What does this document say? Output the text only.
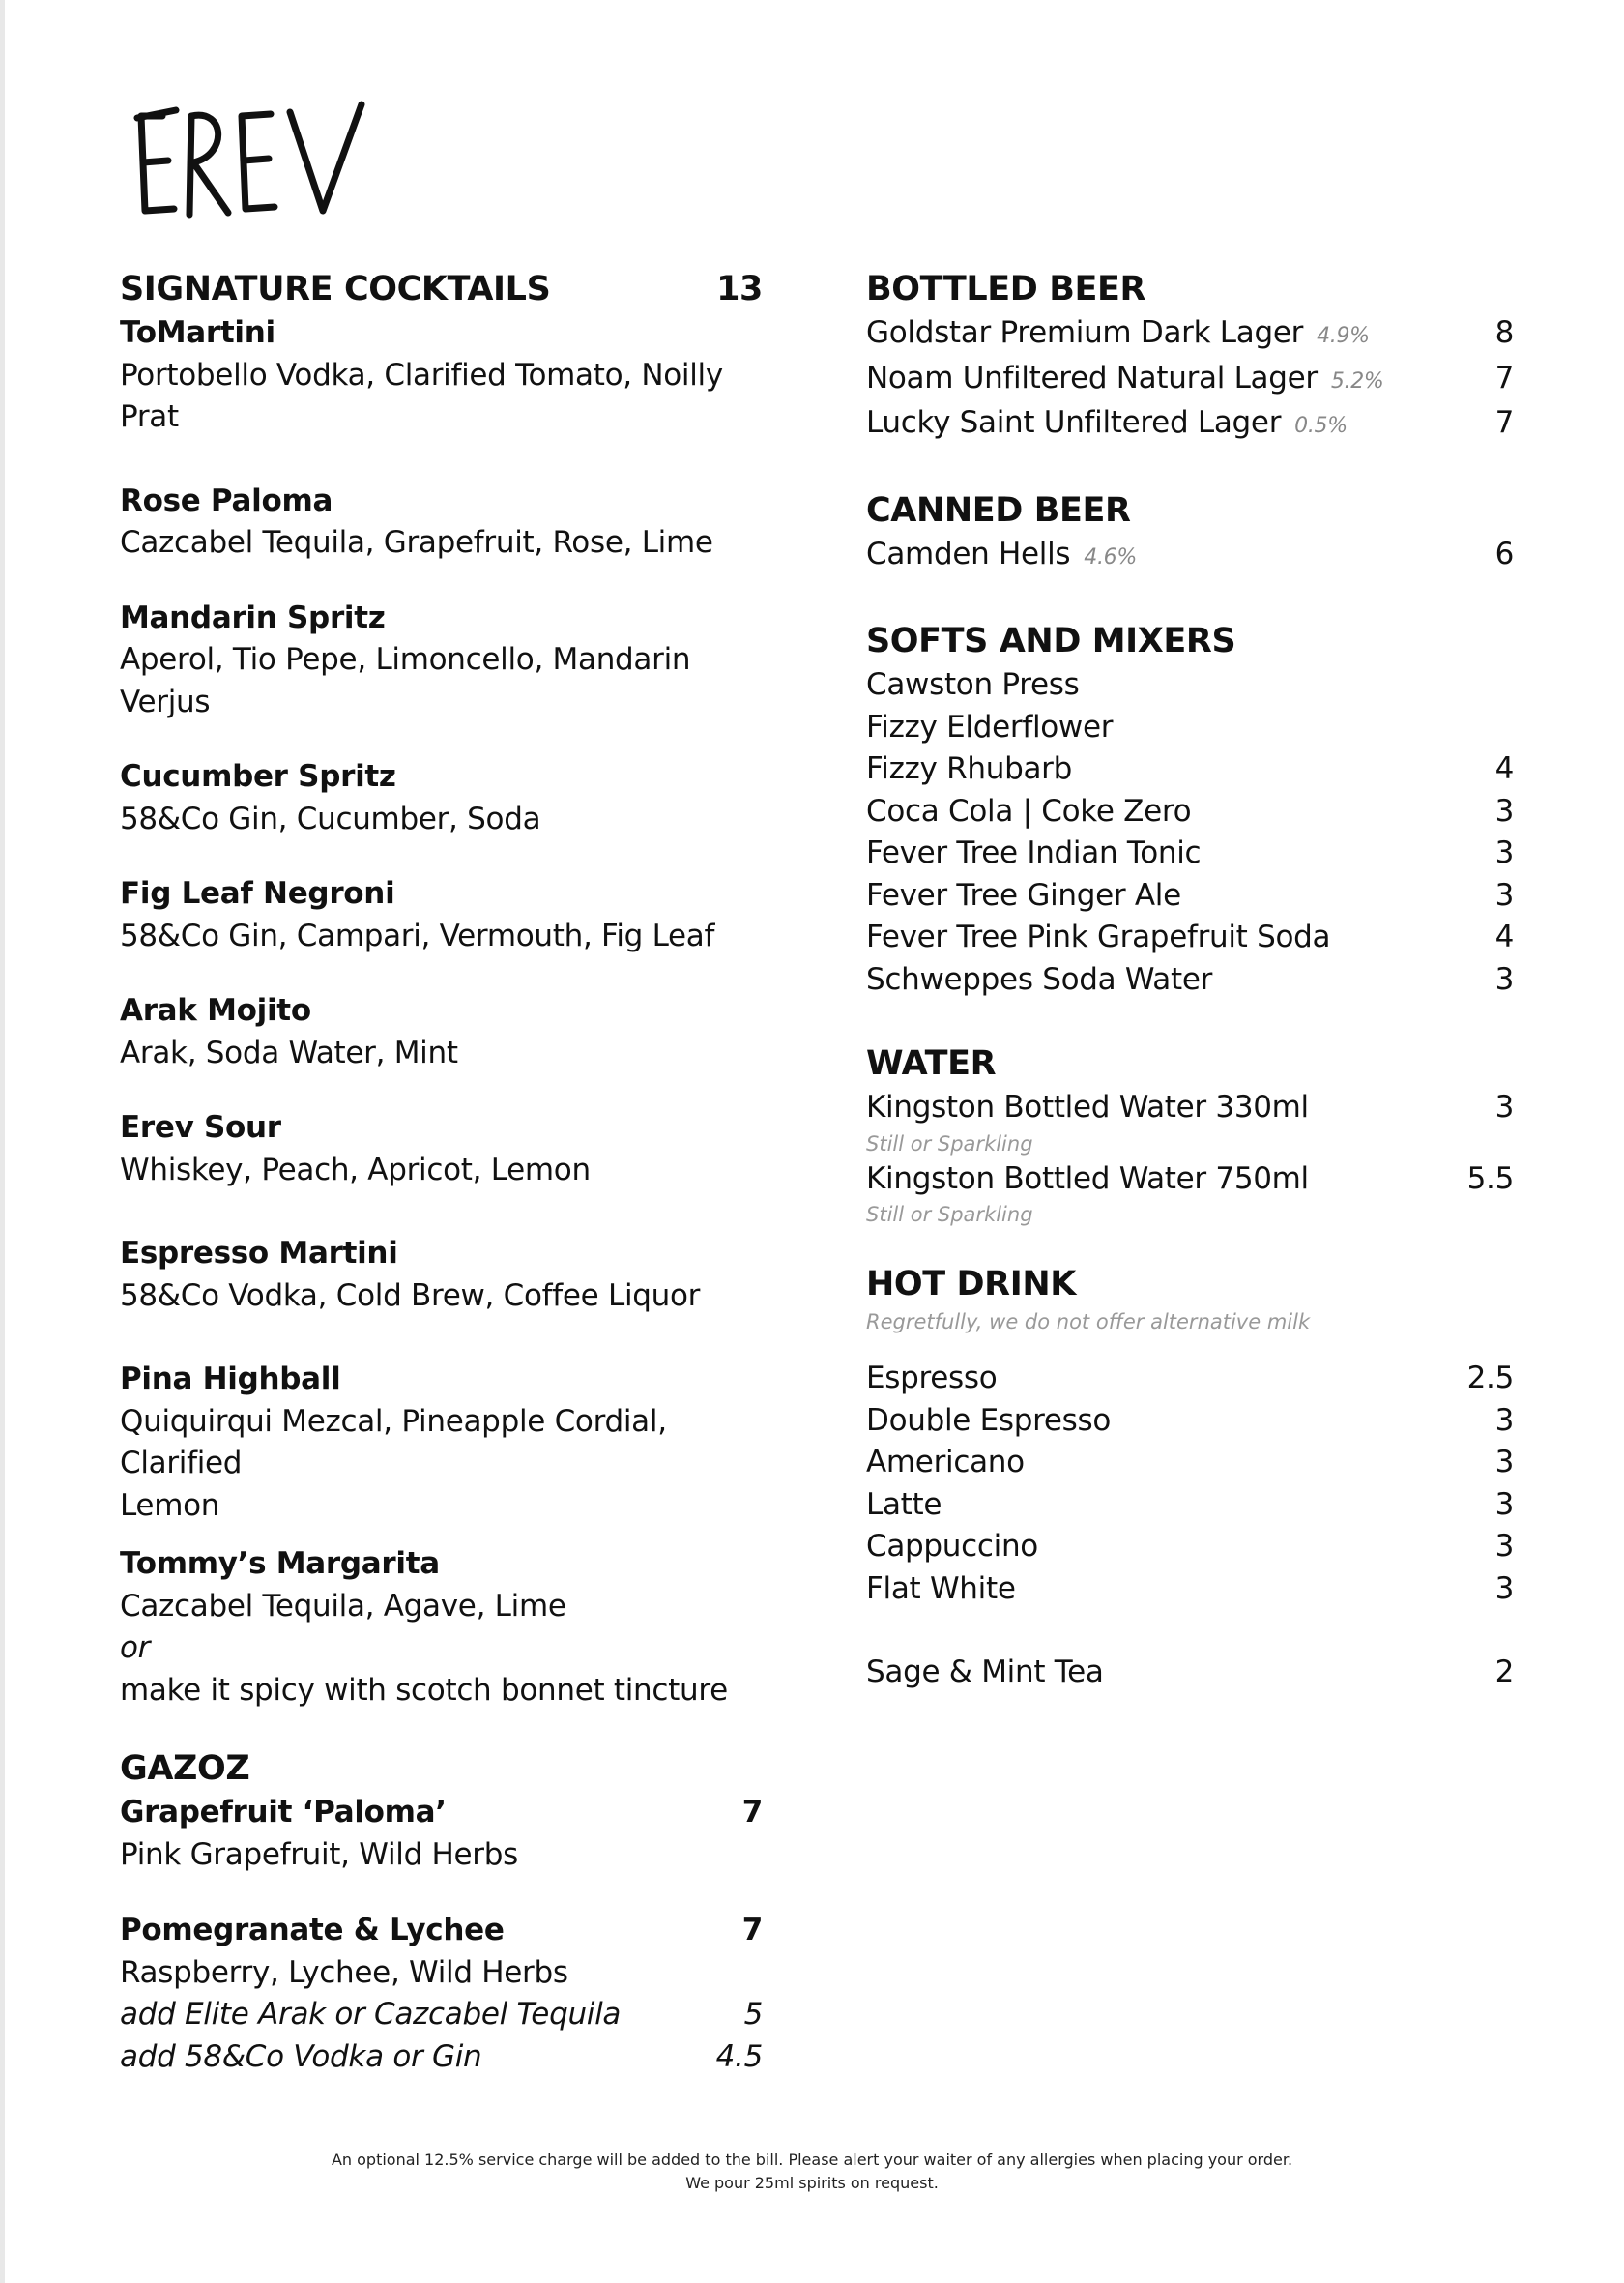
SIGNATURE COCKTAILS	13
ToMartini
Portobello Vodka, Clarified Tomato, Noilly Prat
Rose Paloma
Cazcabel Tequila, Grapefruit, Rose, Lime
Mandarin Spritz
Aperol, Tio Pepe, Limoncello, Mandarin Verjus
Cucumber Spritz
58&Co Gin, Cucumber, Soda
Fig Leaf Negroni
58&Co Gin, Campari, Vermouth, Fig Leaf
Arak Mojito
Arak, Soda Water, Mint
Erev Sour
Whiskey, Peach, Apricot, Lemon
Espresso Martini
58&Co Vodka, Cold Brew, Coffee Liquor
Pina Highball
Quiquirqui Mezcal, Pineapple Cordial, Clarified
Lemon
Tommy’s Margarita
Cazcabel Tequila, Agave, Lime
or
make it spicy with scotch bonnet tincture
GAZOZ
Grapefruit ‘Paloma’	7
Pink Grapefruit, Wild Herbs
Pomegranate & Lychee	7
Raspberry, Lychee, Wild Herbs
add Elite Arak or Cazcabel Tequila	5
add 58&Co Vodka or Gin	4.5
BOTTLED BEER
Goldstar Premium Dark Lager 4.9%	8
Noam Unfiltered Natural Lager 5.2%	7
Lucky Saint Unfiltered Lager 0.5%	7
CANNED BEER
Camden Hells 4.6%	6
SOFTS AND MIXERS
Cawston Press
Fizzy Elderflower
Fizzy Rhubarb	4
Coca Cola | Coke Zero	3
Fever Tree Indian Tonic	3
Fever Tree Ginger Ale	3
Fever Tree Pink Grapefruit Soda	4
Schweppes Soda Water	3
WATER
Kingston Bottled Water 330ml	3
Still or Sparkling
Kingston Bottled Water 750ml	5.5
Still or Sparkling
HOT DRINK
Regretfully, we do not offer alternative milk
Espresso	2.5
Double Espresso	3
Americano	3
Latte	3
Cappuccino	3
Flat White	3
Sage & Mint Tea	2
An optional 12.5% service charge will be added to the bill. Please alert your waiter of any allergies when placing your order.
We pour 25ml spirits on request.
